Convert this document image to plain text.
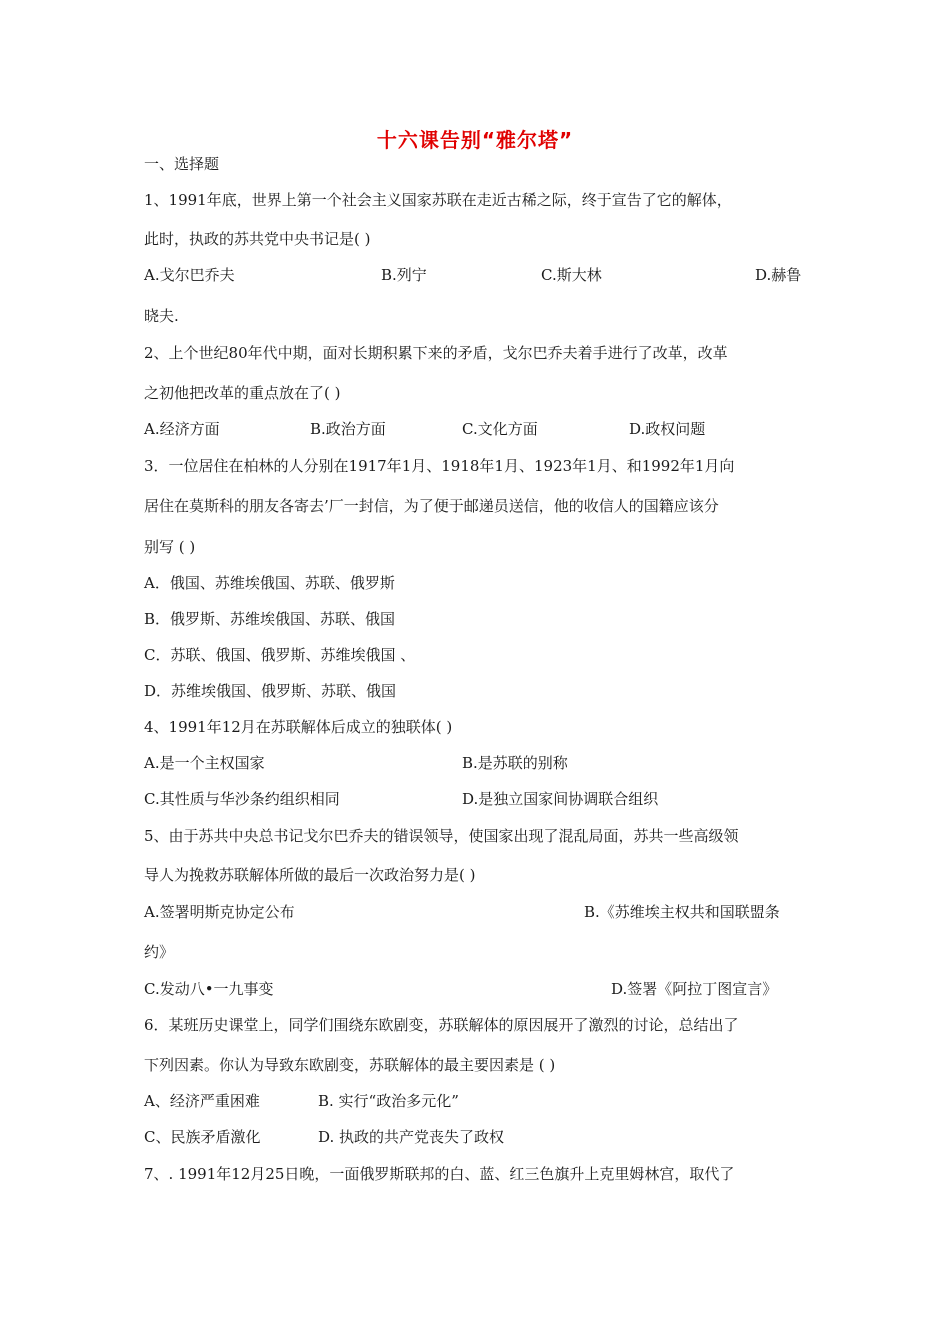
十六课告别“雅尔塔”
一、选择题
1、1991年底，世界上第一个社会主义国家苏联在走近古稀之际，终于宣告了它的解体，
此时，执政的苏共党中央书记是( )
A.戈尔巴乔夫	B.列宁	C.斯大林	D.赫鲁
晓夫.
2、上个世纪80年代中期，面对长期积累下来的矛盾，戈尔巴乔夫着手进行了改革，改革
之初他把改革的重点放在了( )
A.经济方面	B.政治方面	C.文化方面	D.政权问题
3．一位居住在柏林的人分别在1917年1月、1918年1月、1923年1月、和1992年1月向
居住在莫斯科的朋友各寄去’厂一封信，为了便于邮递员送信，他的收信人的国籍应该分
别写 ( )
A．俄国、苏维埃俄国、苏联、俄罗斯
B．俄罗斯、苏维埃俄国、苏联、俄国
C．苏联、俄国、俄罗斯、苏维埃俄国 、
D．苏维埃俄国、俄罗斯、苏联、俄国
4、1991年12月在苏联解体后成立的独联体( )
A.是一个主权国家	B.是苏联的别称
C.其性质与华沙条约组织相同	D.是独立国家间协调联合组织
5、由于苏共中央总书记戈尔巴乔夫的错误领导，使国家出现了混乱局面，苏共一些高级领
导人为挽救苏联解体所做的最后一次政治努力是( )
A.签署明斯克协定公布	B.《苏维埃主权共和国联盟条
约》
C.发动八•一九事变	D.签署《阿拉丁图宣言》
6．某班历史课堂上，同学们围绕东欧剧变，苏联解体的原因展开了激烈的讨论，总结出了
下列因素。你认为导致东欧剧变，苏联解体的最主要因素是 ( )
A、经济严重困难	B. 实行“政治多元化”
C、民族矛盾激化	D. 执政的共产党丧失了政权
7、. 1991年12月25日晚，一面俄罗斯联邦的白、蓝、红三色旗升上克里姆林宫，取代了
